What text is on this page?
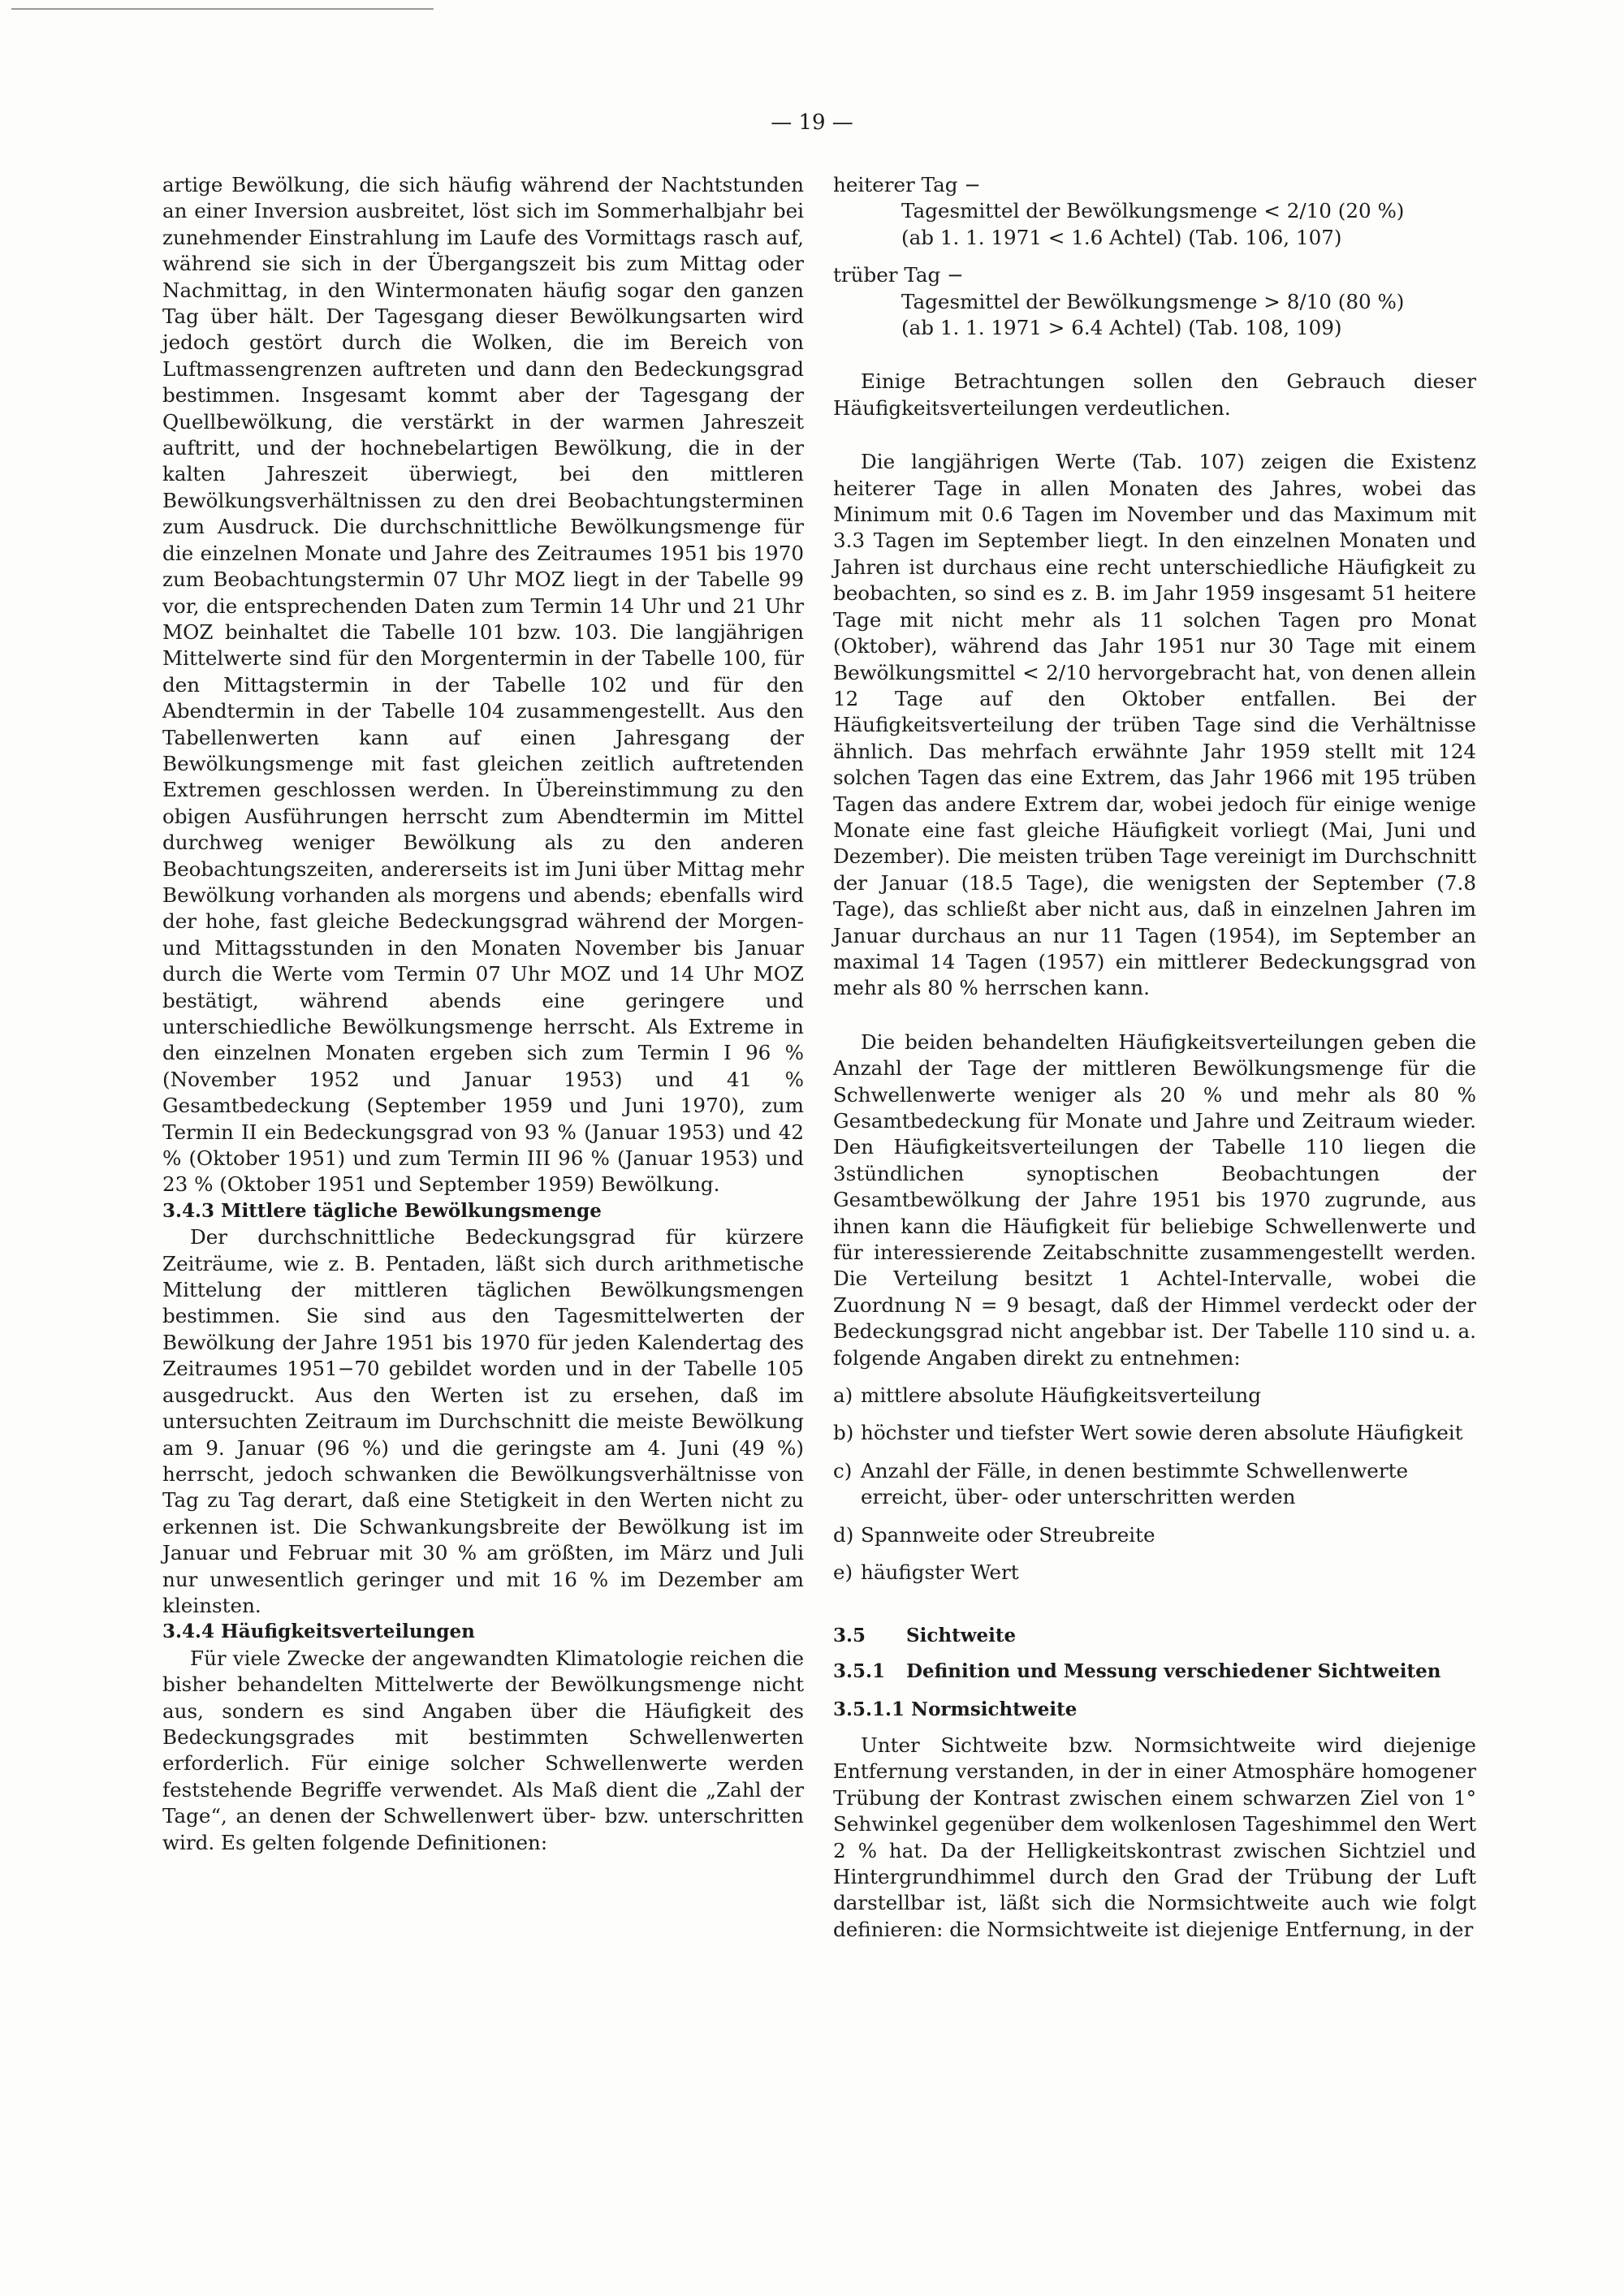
— 19 —

artige Bewölkung, die sich häufig während der Nachtstunden an einer Inversion ausbreitet, löst sich im Sommerhalbjahr bei zunehmender Einstrahlung im Laufe des Vormittags rasch auf, während sie sich in der Übergangszeit bis zum Mittag oder Nachmittag, in den Wintermonaten häufig sogar den ganzen Tag über hält. Der Tagesgang dieser Bewölkungsarten wird jedoch gestört durch die Wolken, die im Bereich von Luftmassengrenzen auftreten und dann den Bedeckungsgrad bestimmen. Insgesamt kommt aber der Tagesgang der Quellbewölkung, die verstärkt in der warmen Jahreszeit auftritt, und der hochnebelartigen Bewölkung, die in der kalten Jahreszeit überwiegt, bei den mittleren Bewölkungsverhältnissen zu den drei Beobachtungsterminen zum Ausdruck. Die durchschnittliche Bewölkungsmenge für die einzelnen Monate und Jahre des Zeitraumes 1951 bis 1970 zum Beobachtungstermin 07 Uhr MOZ liegt in der Tabelle 99 vor, die entsprechenden Daten zum Termin 14 Uhr und 21 Uhr MOZ beinhaltet die Tabelle 101 bzw. 103. Die langjährigen Mittelwerte sind für den Morgentermin in der Tabelle 100, für den Mittagstermin in der Tabelle 102 und für den Abendtermin in der Tabelle 104 zusammengestellt. Aus den Tabellenwerten kann auf einen Jahresgang der Bewölkungsmenge mit fast gleichen zeitlich auftretenden Extremen geschlossen werden. In Übereinstimmung zu den obigen Ausführungen herrscht zum Abendtermin im Mittel durchweg weniger Bewölkung als zu den anderen Beobachtungszeiten, andererseits ist im Juni über Mittag mehr Bewölkung vorhanden als morgens und abends; ebenfalls wird der hohe, fast gleiche Bedeckungsgrad während der Morgen- und Mittagsstunden in den Monaten November bis Januar durch die Werte vom Termin 07 Uhr MOZ und 14 Uhr MOZ bestätigt, während abends eine geringere und unterschiedliche Bewölkungsmenge herrscht. Als Extreme in den einzelnen Monaten ergeben sich zum Termin I 96 % (November 1952 und Januar 1953) und 41 % Gesamtbedeckung (September 1959 und Juni 1970), zum Termin II ein Bedeckungsgrad von 93 % (Januar 1953) und 42 % (Oktober 1951) und zum Termin III 96 % (Januar 1953) und 23 % (Oktober 1951 und September 1959) Bewölkung.

3.4.3 Mittlere tägliche Bewölkungsmenge

Der durchschnittliche Bedeckungsgrad für kürzere Zeiträume, wie z. B. Pentaden, läßt sich durch arithmetische Mittelung der mittleren täglichen Bewölkungsmengen bestimmen. Sie sind aus den Tagesmittelwerten der Bewölkung der Jahre 1951 bis 1970 für jeden Kalendertag des Zeitraumes 1951−70 gebildet worden und in der Tabelle 105 ausgedruckt. Aus den Werten ist zu ersehen, daß im untersuchten Zeitraum im Durchschnitt die meiste Bewölkung am 9. Januar (96 %) und die geringste am 4. Juni (49 %) herrscht, jedoch schwanken die Bewölkungsverhältnisse von Tag zu Tag derart, daß eine Stetigkeit in den Werten nicht zu erkennen ist. Die Schwankungsbreite der Bewölkung ist im Januar und Februar mit 30 % am größten, im März und Juli nur unwesentlich geringer und mit 16 % im Dezember am kleinsten.

3.4.4 Häufigkeitsverteilungen

Für viele Zwecke der angewandten Klimatologie reichen die bisher behandelten Mittelwerte der Bewölkungsmenge nicht aus, sondern es sind Angaben über die Häufigkeit des Bedeckungsgrades mit bestimmten Schwellenwerten erforderlich. Für einige solcher Schwellenwerte werden feststehende Begriffe verwendet. Als Maß dient die „Zahl der Tage“, an denen der Schwellenwert über- bzw. unterschritten wird. Es gelten folgende Definitionen:

heiterer Tag −

Tagesmittel der Bewölkungsmenge < 2/10 (20 %)

(ab 1. 1. 1971 < 1.6 Achtel) (Tab. 106, 107)

trüber Tag −

Tagesmittel der Bewölkungsmenge > 8/10 (80 %)

(ab 1. 1. 1971 > 6.4 Achtel) (Tab. 108, 109)

Einige Betrachtungen sollen den Gebrauch dieser Häufigkeitsverteilungen verdeutlichen.

Die langjährigen Werte (Tab. 107) zeigen die Existenz heiterer Tage in allen Monaten des Jahres, wobei das Minimum mit 0.6 Tagen im November und das Maximum mit 3.3 Tagen im September liegt. In den einzelnen Monaten und Jahren ist durchaus eine recht unterschiedliche Häufigkeit zu beobachten, so sind es z. B. im Jahr 1959 insgesamt 51 heitere Tage mit nicht mehr als 11 solchen Tagen pro Monat (Oktober), während das Jahr 1951 nur 30 Tage mit einem Bewölkungsmittel < 2/10 hervorgebracht hat, von denen allein 12 Tage auf den Oktober entfallen. Bei der Häufigkeitsverteilung der trüben Tage sind die Verhältnisse ähnlich. Das mehrfach erwähnte Jahr 1959 stellt mit 124 solchen Tagen das eine Extrem, das Jahr 1966 mit 195 trüben Tagen das andere Extrem dar, wobei jedoch für einige wenige Monate eine fast gleiche Häufigkeit vorliegt (Mai, Juni und Dezember). Die meisten trüben Tage vereinigt im Durchschnitt der Januar (18.5 Tage), die wenigsten der September (7.8 Tage), das schließt aber nicht aus, daß in einzelnen Jahren im Januar durchaus an nur 11 Tagen (1954), im September an maximal 14 Tagen (1957) ein mittlerer Bedeckungsgrad von mehr als 80 % herrschen kann.

Die beiden behandelten Häufigkeitsverteilungen geben die Anzahl der Tage der mittleren Bewölkungsmenge für die Schwellenwerte weniger als 20 % und mehr als 80 % Gesamtbedeckung für Monate und Jahre und Zeitraum wieder. Den Häufigkeitsverteilungen der Tabelle 110 liegen die 3stündlichen synoptischen Beobachtungen der Gesamtbewölkung der Jahre 1951 bis 1970 zugrunde, aus ihnen kann die Häufigkeit für beliebige Schwellenwerte und für interessierende Zeitabschnitte zusammengestellt werden. Die Verteilung besitzt 1 Achtel-Intervalle, wobei die Zuordnung N = 9 besagt, daß der Himmel verdeckt oder der Bedeckungsgrad nicht angebbar ist. Der Tabelle 110 sind u. a. folgende Angaben direkt zu entnehmen:

a) mittlere absolute Häufigkeitsverteilung
b) höchster und tiefster Wert sowie deren absolute Häufigkeit
c) Anzahl der Fälle, in denen bestimmte Schwellenwerte erreicht, über- oder unterschritten werden
d) Spannweite oder Streubreite
e) häufigster Wert
3.5	Sichtweite
3.5.1	Definition und Messung verschiedener Sichtweiten

3.5.1.1 Normsichtweite

Unter Sichtweite bzw. Normsichtweite wird diejenige Entfernung verstanden, in der in einer Atmosphäre homogener Trübung der Kontrast zwischen einem schwarzen Ziel von 1° Sehwinkel gegenüber dem wolkenlosen Tageshimmel den Wert 2 % hat. Da der Helligkeitskontrast zwischen Sichtziel und Hintergrundhimmel durch den Grad der Trübung der Luft darstellbar ist, läßt sich die Normsichtweite auch wie folgt definieren: die Normsichtweite ist diejenige Entfernung, in der
